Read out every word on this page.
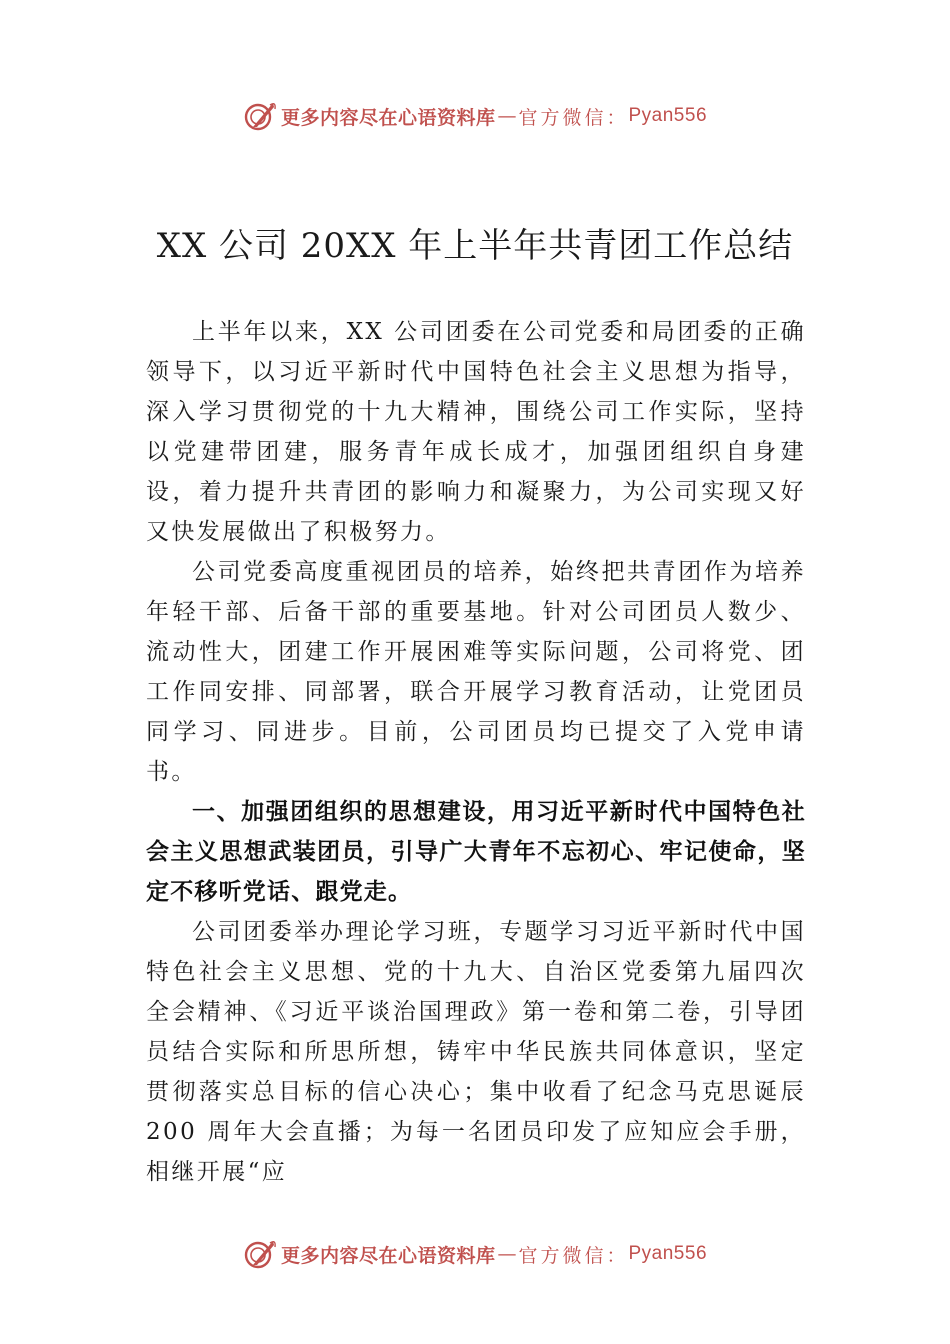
更多内容尽在心语资料库 — 官方微信： Pyan556
XX 公司 20XX 年上半年共青团工作总结

上半年以来，XX 公司团委在公司党委和局团委的正确领导下，以习近平新时代中国特色社会主义思想为指导，深入学习贯彻党的十九大精神，围绕公司工作实际，坚持以党建带团建，服务青年成长成才，加强团组织自身建设，着力提升共青团的影响力和凝聚力，为公司实现又好又快发展做出了积极努力。

公司党委高度重视团员的培养，始终把共青团作为培养年轻干部、后备干部的重要基地。针对公司团员人数少、流动性大，团建工作开展困难等实际问题，公司将党、团工作同安排、同部署，联合开展学习教育活动，让党团员同学习、同进步。目前，公司团员均已提交了入党申请书。

一、加强团组织的思想建设，用习近平新时代中国特色社会主义思想武装团员，引导广大青年不忘初心、牢记使命，坚定不移听党话、跟党走。

公司团委举办理论学习班，专题学习习近平新时代中国特色社会主义思想、党的十九大、自治区党委第九届四次全会精神、《习近平谈治国理政》第一卷和第二卷，引导团员结合实际和所思所想，铸牢中华民族共同体意识，坚定贯彻落实总目标的信心决心；集中收看了纪念马克思诞辰 200 周年大会直播；为每一名团员印发了应知应会手册，相继开展“应

更多内容尽在心语资料库 — 官方微信： Pyan556
